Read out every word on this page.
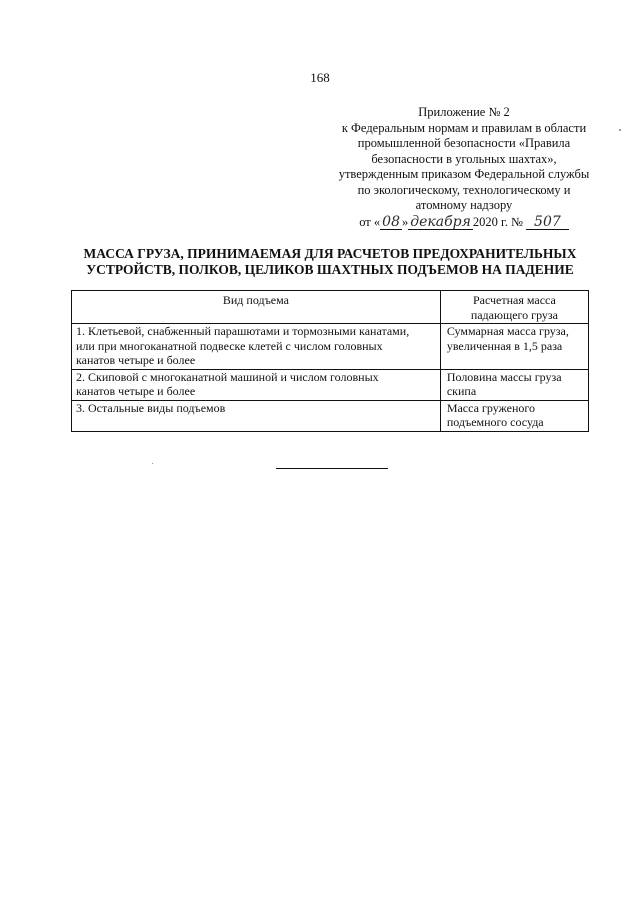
168
Приложение № 2
к Федеральным нормам и правилам в области
промышленной безопасности «Правила
безопасности в угольных шахтах»,
утвержденным приказом Федеральной службы
по экологическому, технологическому и
атомному надзору
от « 08 » декабря 2020 г. № 507
МАССА ГРУЗА, ПРИНИМАЕМАЯ ДЛЯ РАСЧЕТОВ ПРЕДОХРАНИТЕЛЬНЫХ
УСТРОЙСТВ, ПОЛКОВ, ЦЕЛИКОВ ШАХТНЫХ ПОДЪЕМОВ НА ПАДЕНИЕ
Вид подъема	Расчетная масса
падающего груза
1. Клетьевой, снабженный парашютами и тормозными канатами,
или при многоканатной подвеске клетей с числом головных
канатов четыре и более	Суммарная масса груза,
увеличенная в 1,5 раза
2. Скиповой с многоканатной машиной и числом головных
канатов четыре и более	Половина массы груза
скипа
3. Остальные виды подъемов	Масса груженого
подъемного сосуда
